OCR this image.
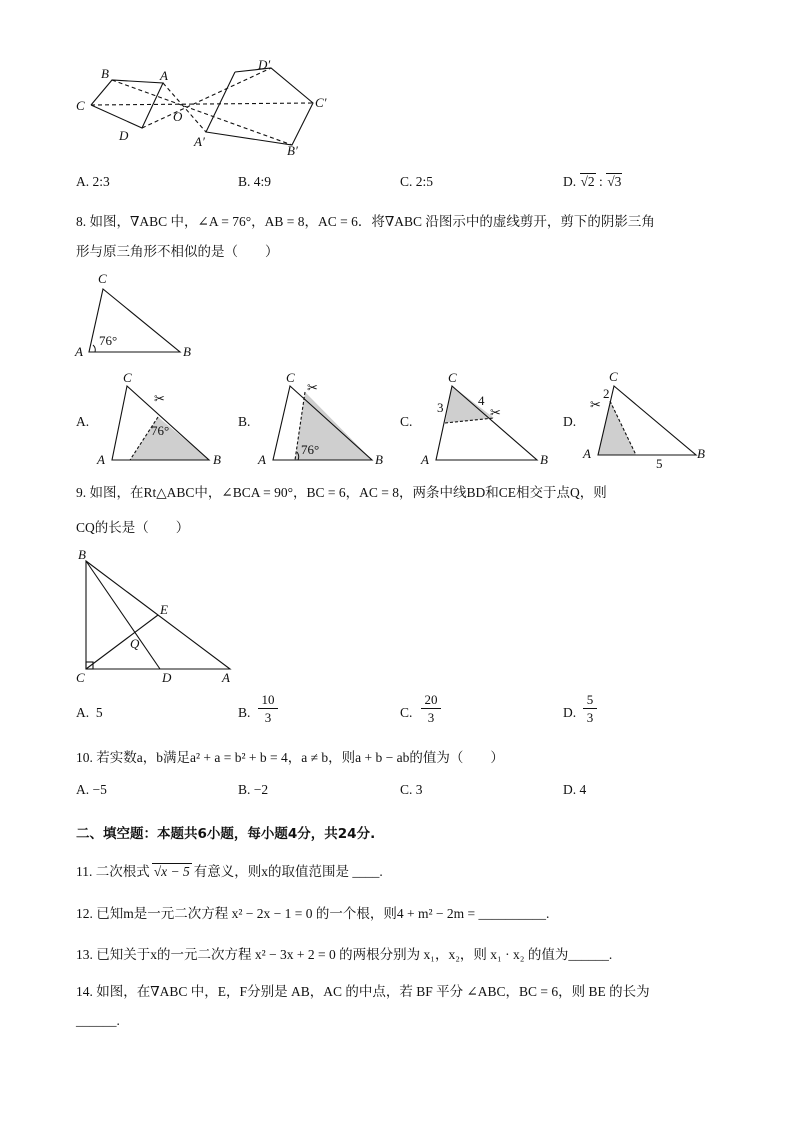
B	A
C
D
O
D′
C′
A′
B′
A. 2:3	B. 4:9	C. 2:5	D. √2 : √3
8. 如图，∇ABC 中，∠A = 76°，AB = 8，AC = 6．将∇ABC 沿图示中的虚线剪开，剪下的阴影三角
形与原三角形不相似的是（　　）
C
A	B
76°
A.
C
A	B
76°
✂
B.
C
A	B
76°
✂
C.
C
A	B
3	4
✂
D.
C
A	B
2
5
✂
9. 如图，在Rt△ABC中，∠BCA = 90°，BC = 6，AC = 8，两条中线BD和CE相交于点Q，则
CQ的长是（　　）
B
E
Q
C	D	A
A. 5	B.
10
3	C.
20
3	D.
5
3
10. 若实数a，b满足a² + a = b² + b = 4，a ≠ b，则a + b − ab的值为（　　）
A. −5	B. −2	C. 3	D. 4
二、填空题：本题共6小题，每小题4分，共24分.
11. 二次根式 √x − 5 有意义，则x的取值范围是 ____.
12. 已知m是一元二次方程 x² − 2x − 1 = 0 的一个根，则4 + m² − 2m = __________.
13. 已知关于x的一元二次方程 x² − 3x + 2 = 0 的两根分别为 x₁，x₂，则 x₁ · x₂ 的值为______.
14. 如图，在∇ABC 中，E，F分别是 AB，AC 的中点，若 BF 平分 ∠ABC，BC = 6，则 BE 的长为
______.
